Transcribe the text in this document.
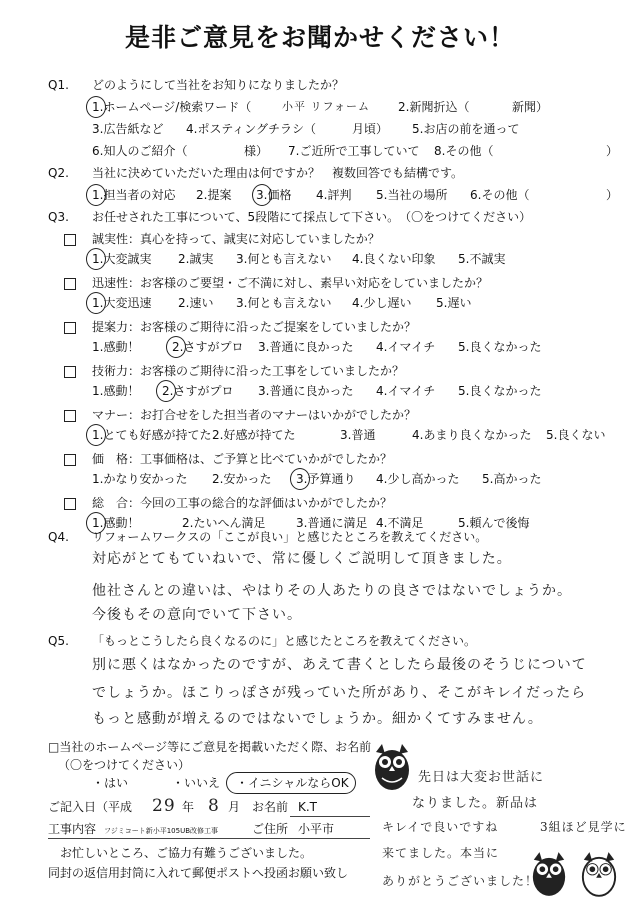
是非ご意見をお聞かせください！
Q1. どのようにして当社をお知りになりましたか？
1.ホームページ/検索ワード（	小平 リフォーム 2.新聞折込（	新聞）
3.広告紙など 4.ポスティングチラシ（	月頃） 5.お店の前を通って
6.知人のご紹介（	様） 7.ご近所で工事していて 8.その他（	）
Q2. 当社に決めていただいた理由は何ですか？　複数回答でも結構です。
1.担当者の対応 2.提案 3.価格 4.評判 5.当社の場所 6.その他（	）
Q3. お任せされた工事について、5段階にて採点して下さい。　（〇をつけてください）
誠実性：真心を持って、誠実に対応していましたか？
1.大変誠実 2.誠実 3.何とも言えない 4.良くない印象 5.不誠実
迅速性：お客様のご要望・ご不満に対し、素早い対応をしていましたか？
1.大変迅速 2.速い 3.何とも言えない 4.少し遅い 5.遅い
提案力：お客様のご期待に沿ったご提案をしていましたか？
1.感動！	2.さすがプロ 3.普通に良かった 4.イマイチ 5.良くなかった
技術力：お客様のご期待に沿った工事をしていましたか？
1.感動！ 2.さすがプロ 3.普通に良かった 4.イマイチ 5.良くなかった
マナー：お打合せをした担当者のマナーはいかがでしたか？
1.とても好感が持てた 2.好感が持てた	3.普通	4.あまり良くなかった 5.良くない
価　格：工事価格は、ご予算と比べていかがでしたか？
1.かなり安かった 2.安かった 3.予算通り 4.少し高かった 5.高かった
総　合：今回の工事の総合的な評価はいかがでしたか？
1.感動！	2.たいへん満足	3.普通に満足 4.不満足	5.頼んで後悔
Q4. リフォームワークスの「ここが良い」と感じたところを教えてください。
対応がとてもていねいで、常に優しくご説明して頂きました。
他社さんとの違いは、やはりその人あたりの良さではないでしょうか。
今後もその意向でいて下さい。
Q5. 「もっとこうしたら良くなるのに」と感じたところを教えてください。
別に悪くはなかったのですが、あえて書くとしたら最後のそうじについて
でしょうか。ほこりっぽさが残っていた所があり、そこがキレイだったら
もっと感動が増えるのではないでしょうか。細かくてすみません。
□当社のホームページ等にご意見を掲載いただく際、お名前
（〇をつけてください）
・はい	・いいえ ・イニシャルならOK
ご記入日（平成 29 年 8 月 お名前 K.T
工事内容 フジミコート新小平105UB改修工事	ご住所 小平市
お忙しいところ、ご協力有難うございました。
同封の返信用封筒に入れて郵便ポストへ投函お願い致し
先日は大変お世話に
なりました。新品は
キレイで良いですね	3組ほど見学に
来てました。本当に
ありがとうございました！
